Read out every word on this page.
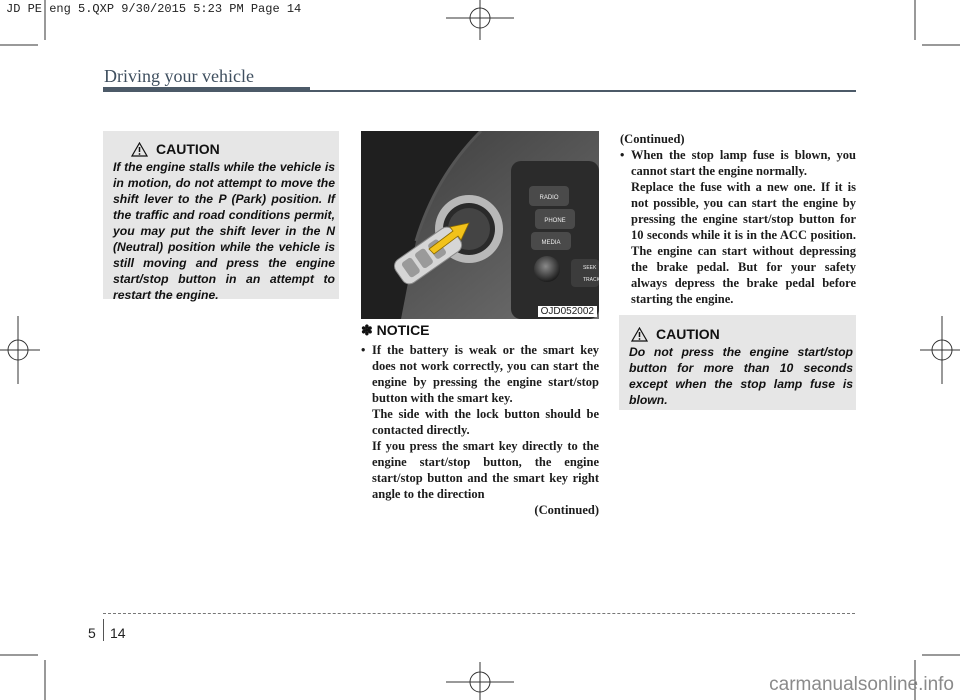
JD PE eng 5.QXP 9/30/2015 5:23 PM Page 14
Driving your vehicle
CAUTION
If the engine stalls while the vehicle is in motion, do not attempt to move the shift lever to the P (Park) position. If the traffic and road conditions permit, you may put the shift lever in the N (Neutral) position while the vehicle is still moving and press the engine start/stop button in an attempt to restart the engine.
RADIO
PHONE
MEDIA
SEEK
TRACK
OJD052002
✽ NOTICE
• If the battery is weak or the smart key does not work correctly, you can start the engine by pressing the engine start/stop button with the smart key.
The side with the lock button should be contacted directly.
If you press the smart key directly to the engine start/stop button, the engine start/stop button and the smart key right angle to the direction
(Continued)
(Continued)
• When the stop lamp fuse is blown, you cannot start the engine normally.
Replace the fuse with a new one. If it is not possible, you can start the engine by pressing the engine start/stop button for 10 seconds while it is in the ACC position. The engine can start without depressing the brake pedal. But for your safety always depress the brake pedal before starting the engine.
CAUTION
Do not press the engine start/stop button for more than 10 seconds except when the stop lamp fuse is blown.
5 14
carmanualsonline.info
